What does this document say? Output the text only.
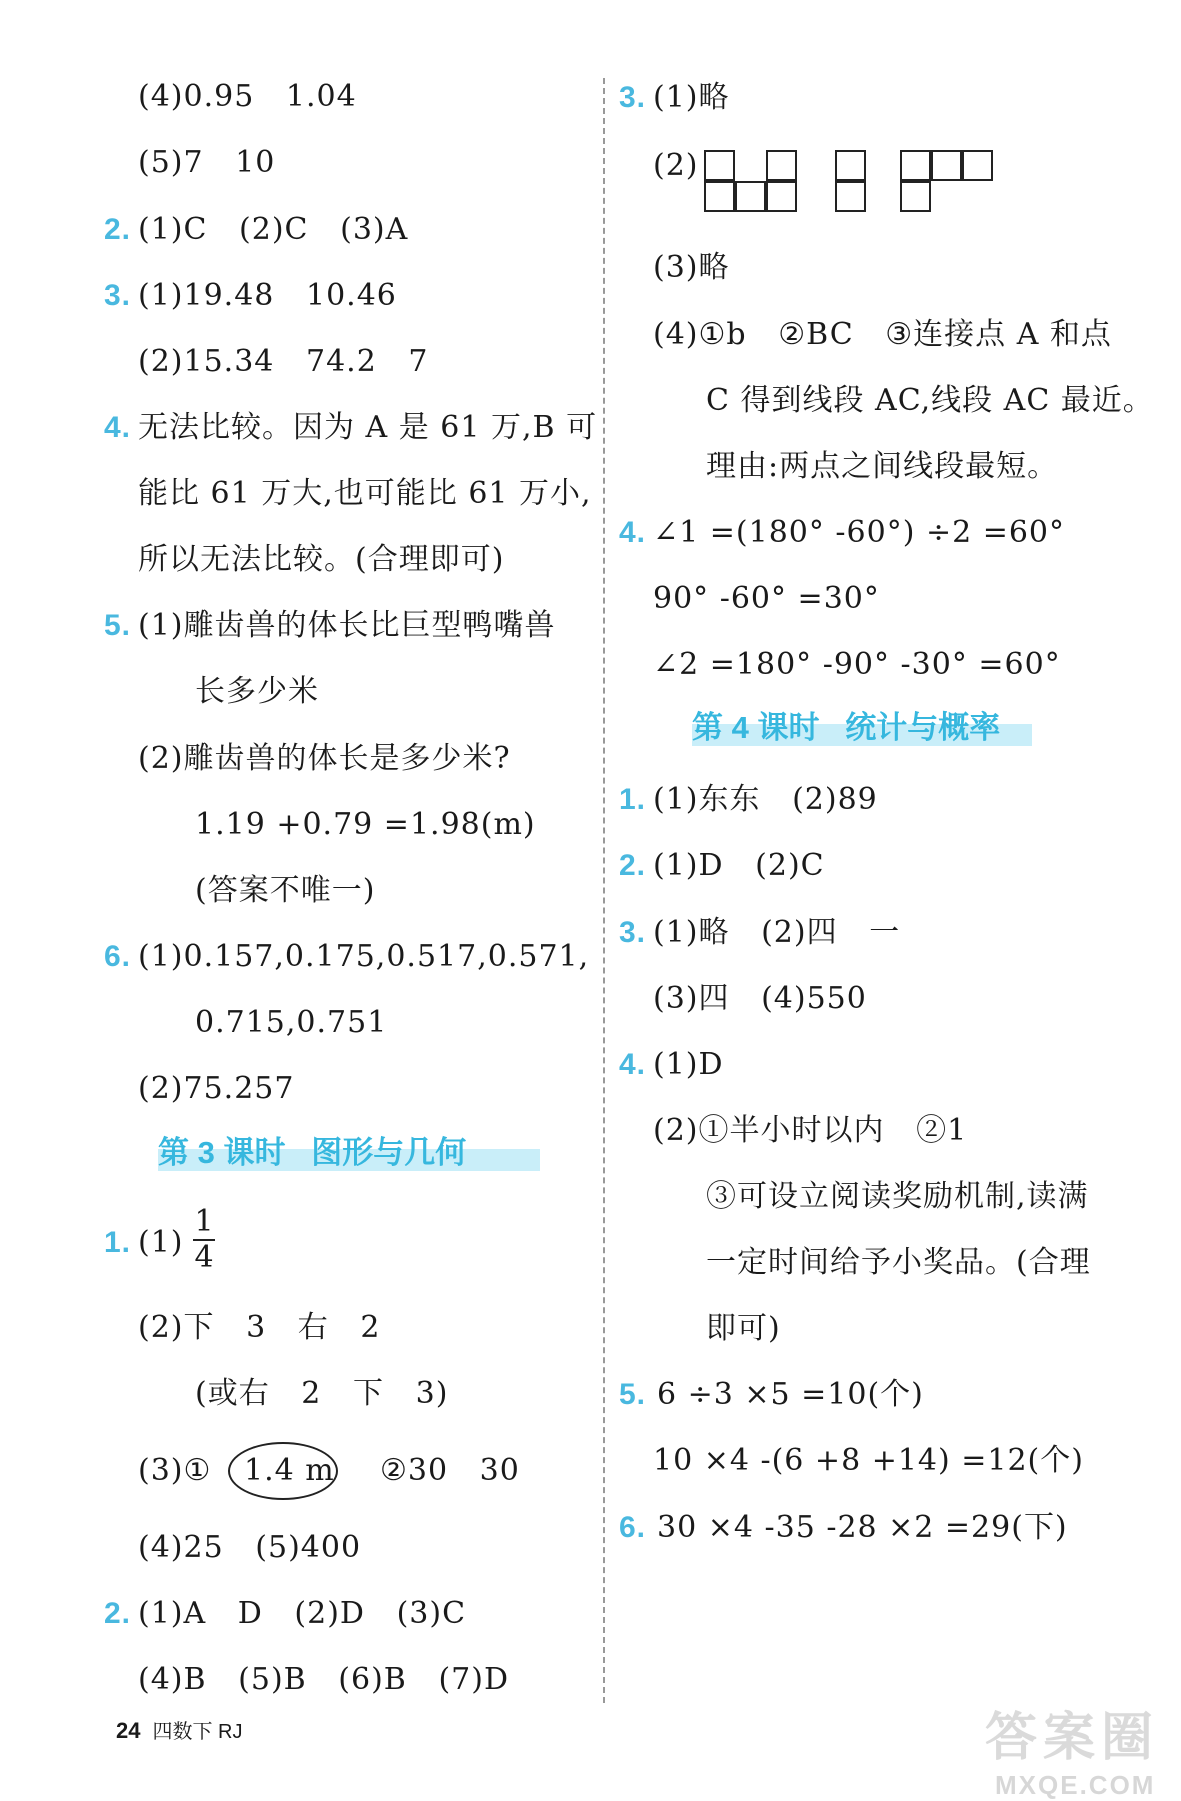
(4)0.95   1.04
(5)7   10
2. (1)C   (2)C   (3)A
3. (1)19.48   10.46
(2)15.34   74.2   7
4. 无法比较。因为 A 是 61 万,B 可
能比 61 万大,也可能比 61 万小,
所以无法比较。(合理即可)
5. (1)雕齿兽的体长比巨型鸭嘴兽
长多少米
(2)雕齿兽的体长是多少米?
1.19 +0.79 =1.98(m)
(答案不唯一)
6. (1)0.157,0.175,0.517,0.571,
0.715,0.751
(2)75.257
第 3 课时   图形与几何
1. (1)
1
4
(2)下   3   右   2
(或右   2   下   3)
(3)① 1.4 m ②30   30
(4)25   (5)400
2. (1)A   D   (2)D   (3)C
(4)B   (5)B   (6)B   (7)D
3. (1)略
(2)
(3)略
(4)①b   ②BC   ③连接点 A 和点
C 得到线段 AC,线段 AC 最近。
理由:两点之间线段最短。
4. ∠1 =(180° -60°) ÷2 =60°
90° -60° =30°
∠2 =180° -90° -30° =60°
第 4 课时   统计与概率
1. (1)东东   (2)89
2. (1)D   (2)C
3. (1)略   (2)四   一
(3)四   (4)550
4. (1)D
(2)①半小时以内   ②1
③可设立阅读奖励机制,读满
一定时间给予小奖品。(合理
即可)
5. 6 ÷3 ×5 =10(个)
10 ×4 -(6 +8 +14) =12(个)
6. 30 ×4 -35 -28 ×2 =29(下)
24 四数下 RJ	答案圈
MXQE.COM
